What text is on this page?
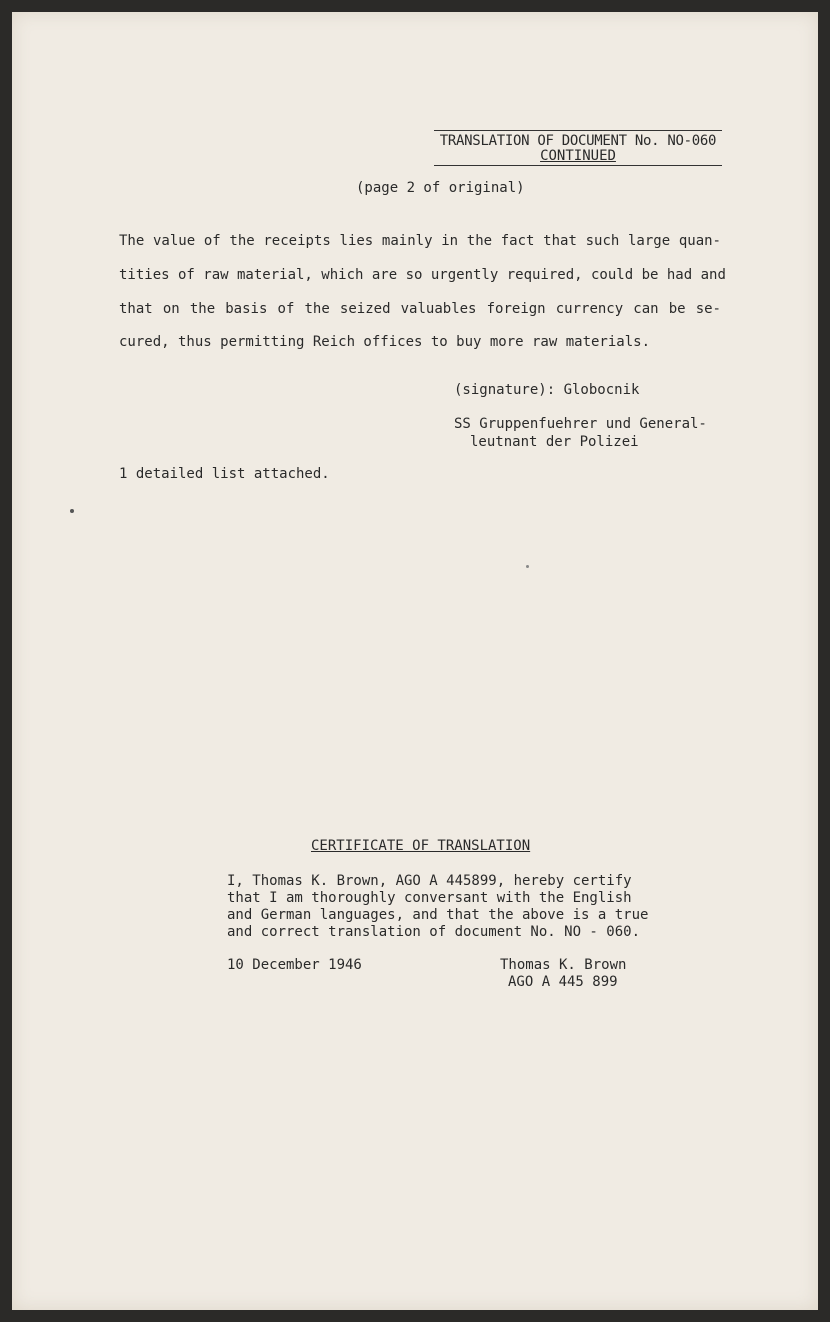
TRANSLATION OF DOCUMENT No. NO-060
CONTINUED
(page 2 of original)
The value of the receipts lies mainly in the fact that such large quan-
tities of raw material, which are so urgently required, could be had and
that on the basis of the seized valuables foreign currency can be se-
cured, thus permitting Reich offices to buy more raw materials.
(signature): Globocnik
SS Gruppenfuehrer und General-
leutnant der Polizei
1 detailed list attached.
CERTIFICATE OF TRANSLATION
I, Thomas K. Brown, AGO A 445899, hereby certify
that I am thoroughly conversant with the English
and German languages, and that the above is a true
and correct translation of document No. NO - 060.
10 December 1946	Thomas K. Brown
AGO A 445 899
